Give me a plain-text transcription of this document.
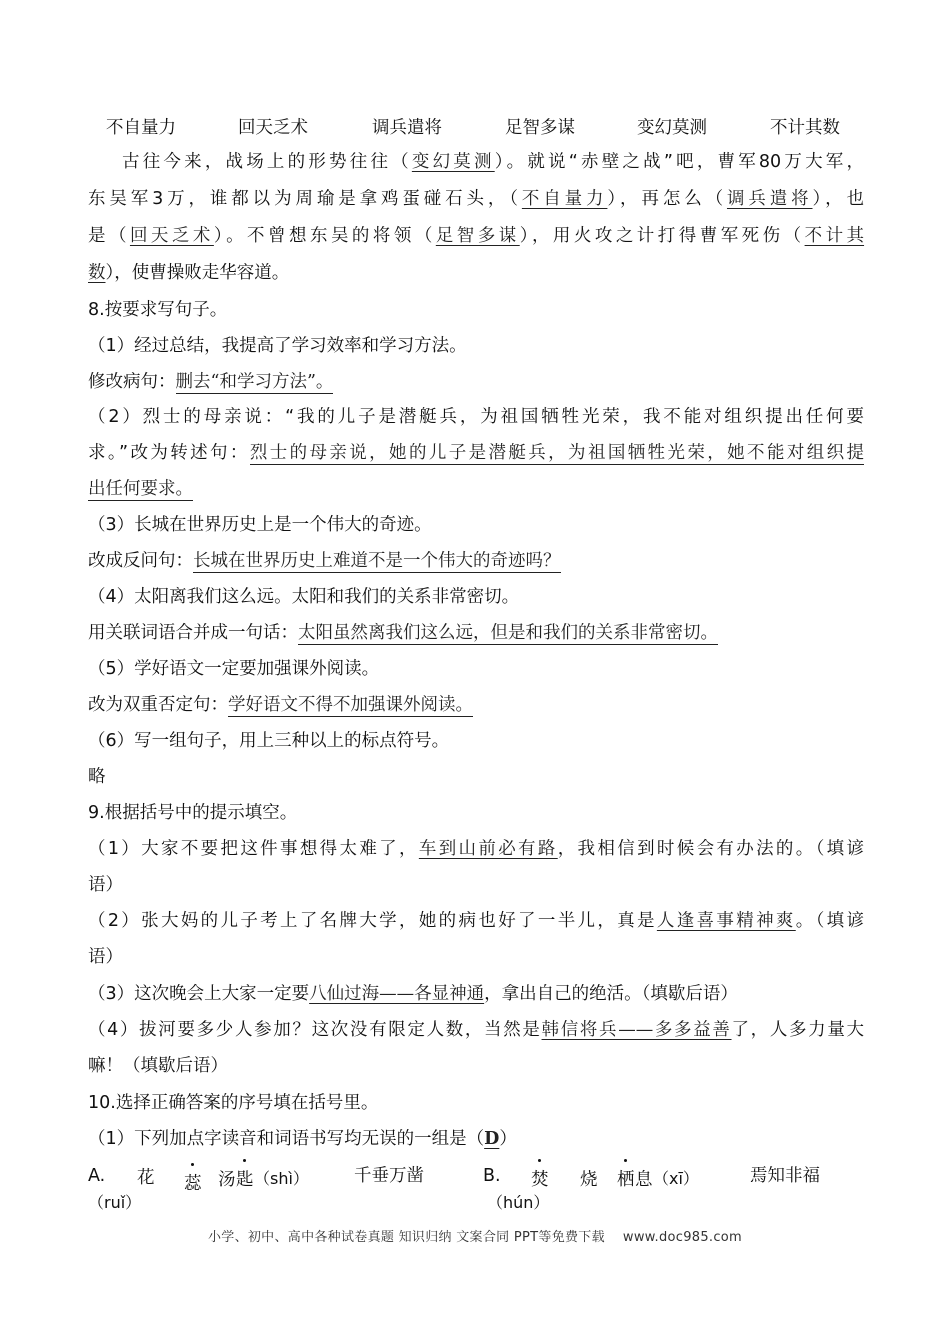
不自量力	回天乏术	调兵遣将	足智多谋	变幻莫测	不计其数
古往今来，战场上的形势往往（变幻莫测）。就说“赤壁之战”吧，曹军80万大军，
东吴军3万，谁都以为周瑜是拿鸡蛋碰石头，（不自量力），再怎么（调兵遣将），也
是（回天乏术）。不曾想东吴的将领（足智多谋），用火攻之计打得曹军死伤（不计其
数），使曹操败走华容道。
8.按要求写句子。
（1）经过总结，我提高了学习效率和学习方法。
修改病句：删去“和学习方法”。
（2）烈士的母亲说：“我的儿子是潜艇兵，为祖国牺牲光荣，我不能对组织提出任何要
求。”改为转述句：烈士的母亲说，她的儿子是潜艇兵，为祖国牺牲光荣，她不能对组织提
出任何要求。
（3）长城在世界历史上是一个伟大的奇迹。
改成反问句：长城在世界历史上难道不是一个伟大的奇迹吗？
（4）太阳离我们这么远。太阳和我们的关系非常密切。
用关联词语合并成一句话：太阳虽然离我们这么远，但是和我们的关系非常密切。
（5）学好语文一定要加强课外阅读。
改为双重否定句：学好语文不得不加强课外阅读。
（6）写一组句子，用上三种以上的标点符号。
略
9.根据括号中的提示填空。
（1）大家不要把这件事想得太难了，车到山前必有路，我相信到时候会有办法的。（填谚
语）
（2）张大妈的儿子考上了名牌大学，她的病也好了一半儿，真是人逢喜事精神爽。（填谚
语）
（3）这次晚会上大家一定要八仙过海——各显神通，拿出自己的绝活。（填歇后语）
（4）拔河要多少人参加？这次没有限定人数，当然是韩信将兵——多多益善了，人多力量大
嘛！（填歇后语）
10.选择正确答案的序号填在括号里。
（1）下列加点字读音和词语书写均无误的一组是（D）
A. 花 蕊
（ruǐ）
汤 匙 （shì）	千垂万凿	B. 焚
（hún）
烧 栖 息 （xī）	焉知非福
小学、初中、高中各种试卷真题 知识归纳 文案合同 PPT等免费下载 www.doc985.com
